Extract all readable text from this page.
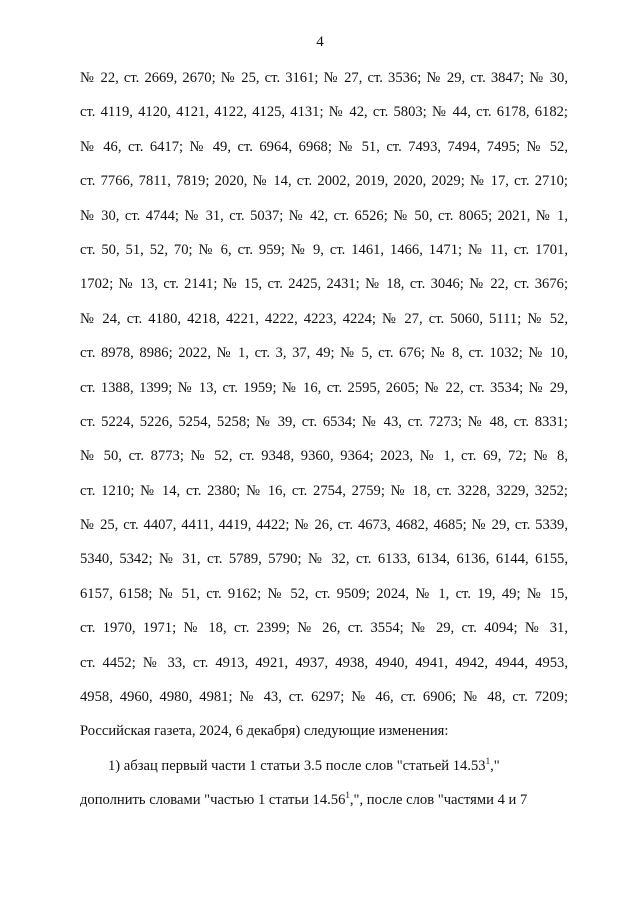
4
№ 22, ст. 2669, 2670; № 25, ст. 3161; № 27, ст. 3536; № 29, ст. 3847; № 30,
ст. 4119, 4120, 4121, 4122, 4125, 4131; № 42, ст. 5803; № 44, ст. 6178, 6182;
№ 46, ст. 6417; № 49, ст. 6964, 6968; № 51, ст. 7493, 7494, 7495; № 52,
ст. 7766, 7811, 7819; 2020, № 14, ст. 2002, 2019, 2020, 2029; № 17, ст. 2710;
№ 30, ст. 4744; № 31, ст. 5037; № 42, ст. 6526; № 50, ст. 8065; 2021, № 1,
ст. 50, 51, 52, 70; № 6, ст. 959; № 9, ст. 1461, 1466, 1471; № 11, ст. 1701,
1702; № 13, ст. 2141; № 15, ст. 2425, 2431; № 18, ст. 3046; № 22, ст. 3676;
№ 24, ст. 4180, 4218, 4221, 4222, 4223, 4224; № 27, ст. 5060, 5111; № 52,
ст. 8978, 8986; 2022, № 1, ст. 3, 37, 49; № 5, ст. 676; № 8, ст. 1032; № 10,
ст. 1388, 1399; № 13, ст. 1959; № 16, ст. 2595, 2605; № 22, ст. 3534; № 29,
ст. 5224, 5226, 5254, 5258; № 39, ст. 6534; № 43, ст. 7273; № 48, ст. 8331;
№ 50, ст. 8773; № 52, ст. 9348, 9360, 9364; 2023, № 1, ст. 69, 72; № 8,
ст. 1210; № 14, ст. 2380; № 16, ст. 2754, 2759; № 18, ст. 3228, 3229, 3252;
№ 25, ст. 4407, 4411, 4419, 4422; № 26, ст. 4673, 4682, 4685; № 29, ст. 5339,
5340, 5342; № 31, ст. 5789, 5790; № 32, ст. 6133, 6134, 6136, 6144, 6155,
6157, 6158; № 51, ст. 9162; № 52, ст. 9509; 2024, № 1, ст. 19, 49; № 15,
ст. 1970, 1971; № 18, ст. 2399; № 26, ст. 3554; № 29, ст. 4094; № 31,
ст. 4452; № 33, ст. 4913, 4921, 4937, 4938, 4940, 4941, 4942, 4944, 4953,
4958, 4960, 4980, 4981; № 43, ст. 6297; № 46, ст. 6906; № 48, ст. 7209;
Российская газета, 2024, 6 декабря) следующие изменения:
1) абзац первый части 1 статьи 3.5 после слов "статьей 14.53$^1$,"
дополнить словами "частью 1 статьи 14.56$^1$,", после слов "частями 4 и 7
